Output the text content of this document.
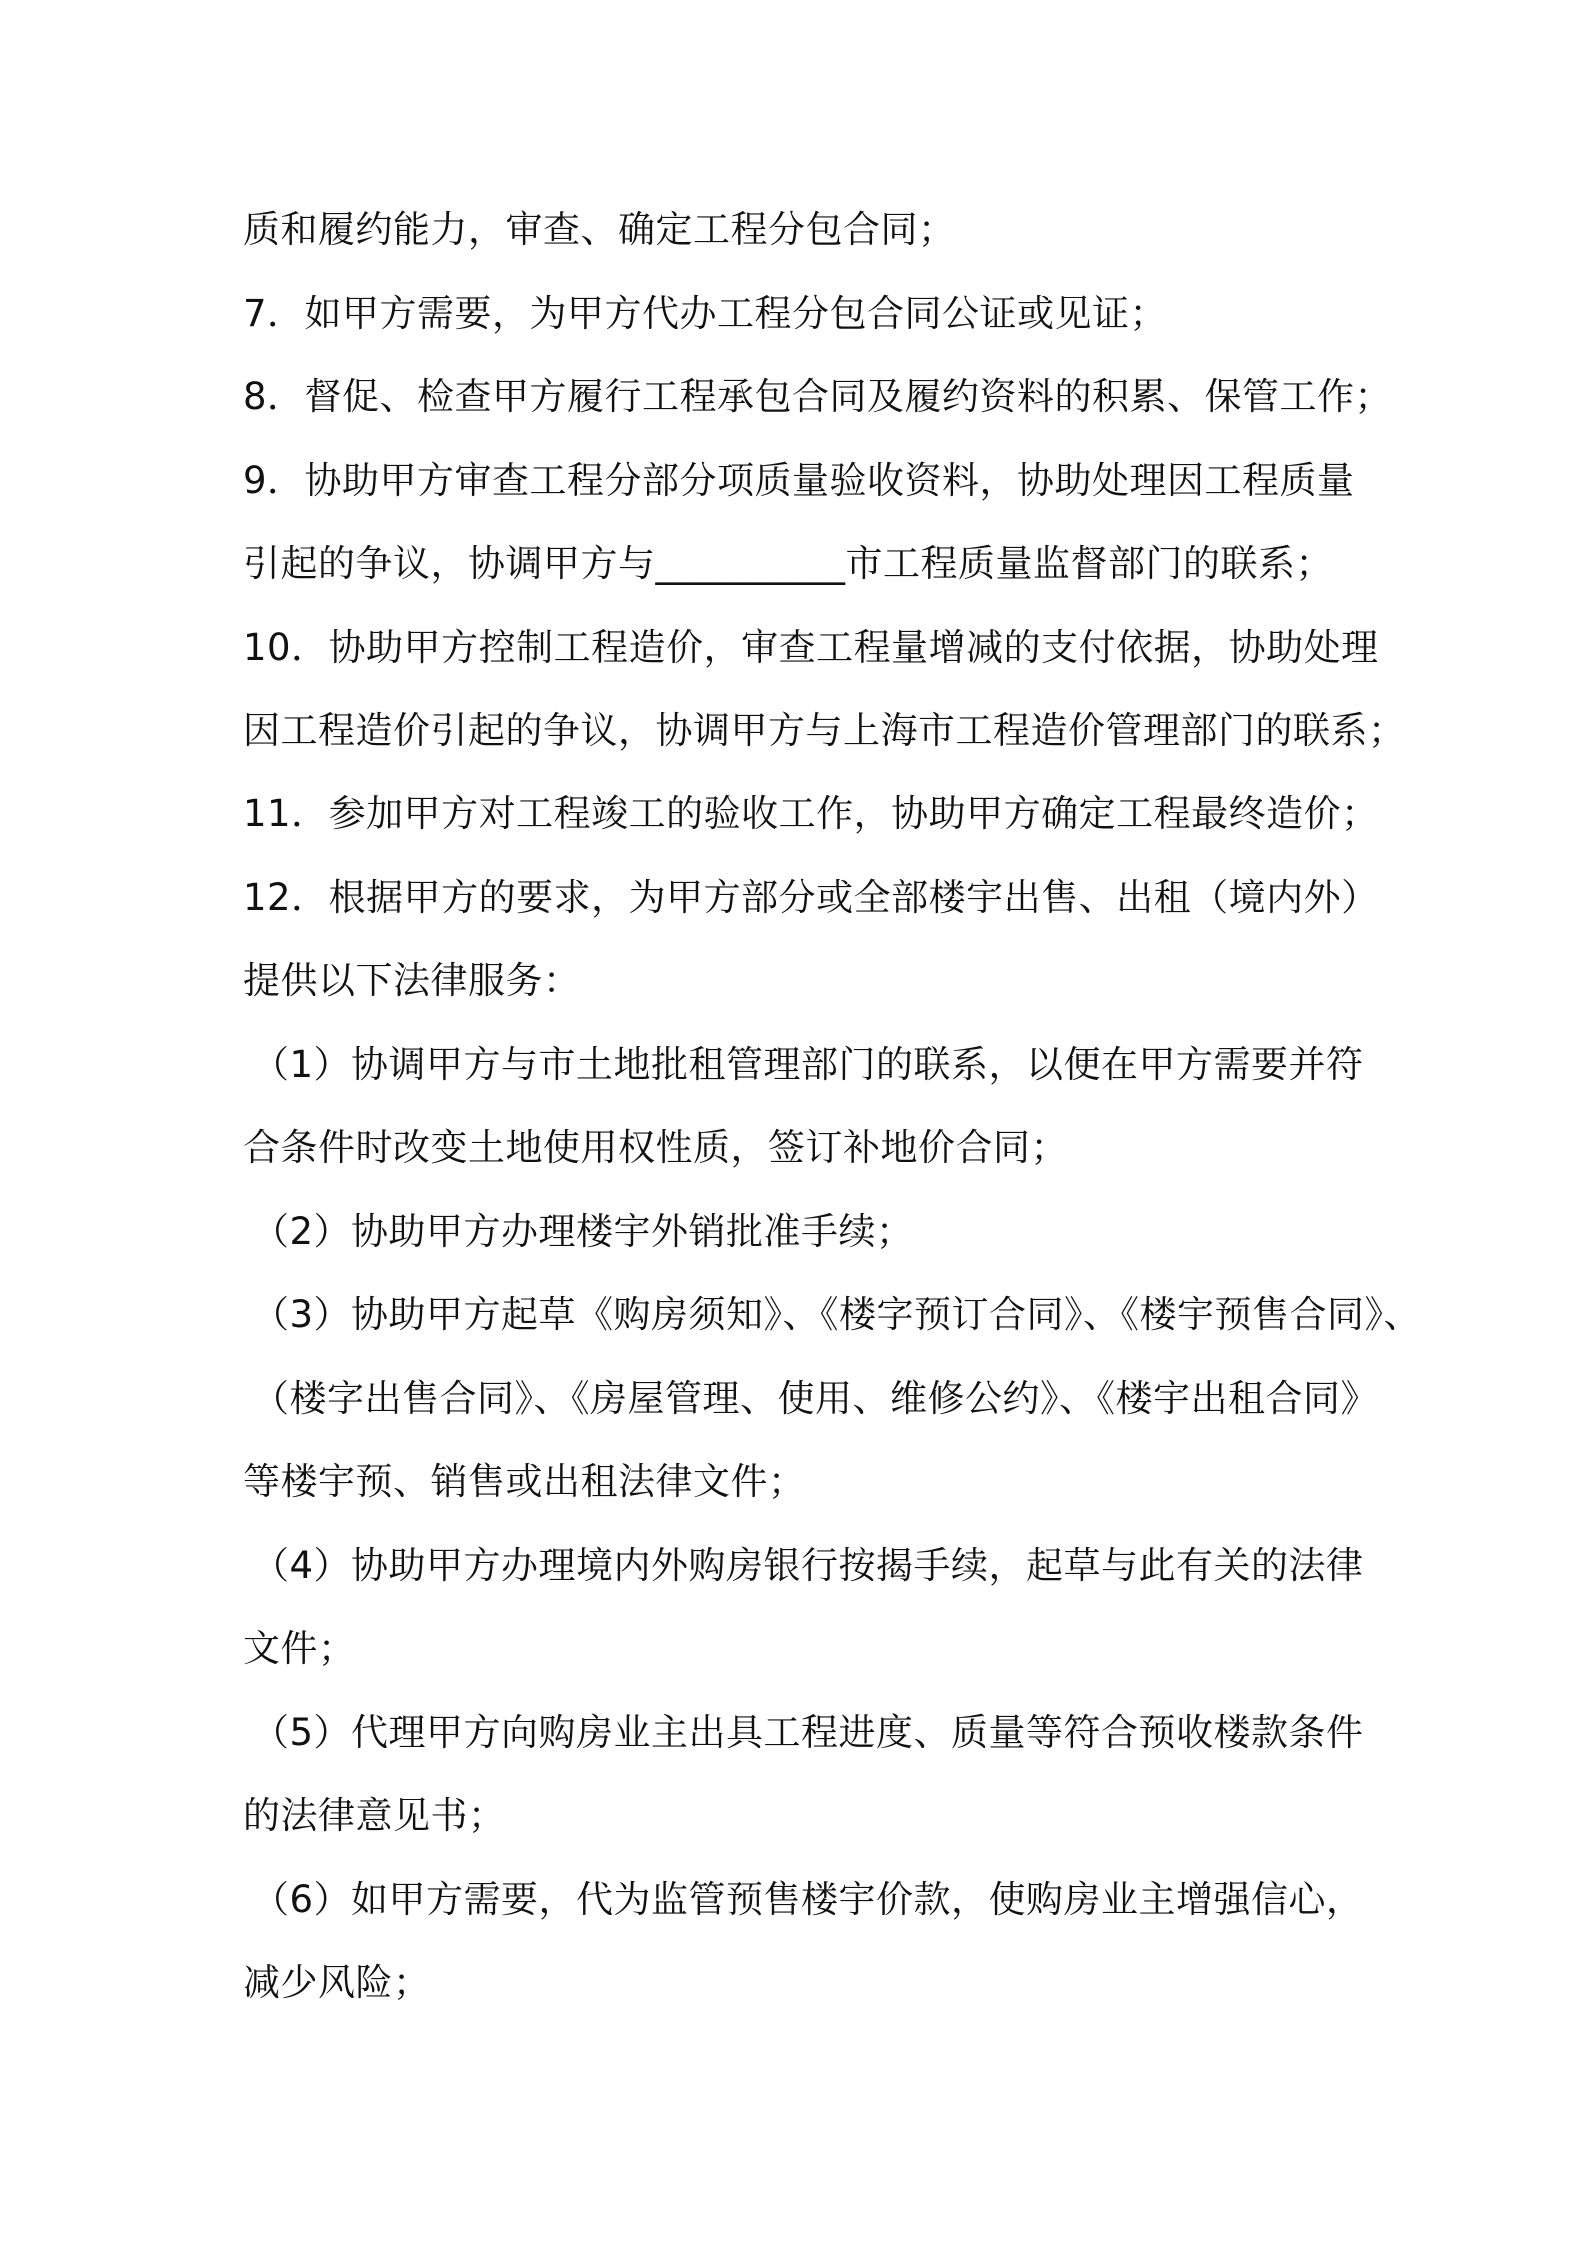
质和履约能力，审查、确定工程分包合同；
7．如甲方需要，为甲方代办工程分包合同公证或见证；
8．督促、检查甲方履行工程承包合同及履约资料的积累、保管工作；
9．协助甲方审查工程分部分项质量验收资料，协助处理因工程质量
引起的争议，协调甲方与__________市工程质量监督部门的联系；
10．协助甲方控制工程造价，审查工程量增减的支付依据，协助处理
因工程造价引起的争议，协调甲方与上海市工程造价管理部门的联系；
11．参加甲方对工程竣工的验收工作，协助甲方确定工程最终造价；
12．根据甲方的要求，为甲方部分或全部楼宇出售、出租（境内外）
提供以下法律服务：
（1）协调甲方与市土地批租管理部门的联系，以便在甲方需要并符
合条件时改变土地使用权性质，签订补地价合同；
（2）协助甲方办理楼宇外销批准手续；
（3）协助甲方起草《购房须知》、《楼字预订合同》、《楼宇预售合同》、
（楼字出售合同》、《房屋管理、使用、维修公约》、《楼宇出租合同》
等楼宇预、销售或出租法律文件；
（4）协助甲方办理境内外购房银行按揭手续，起草与此有关的法律
文件；
（5）代理甲方向购房业主出具工程进度、质量等符合预收楼款条件
的法律意见书；
（6）如甲方需要，代为监管预售楼宇价款，使购房业主增强信心，
减少风险；
